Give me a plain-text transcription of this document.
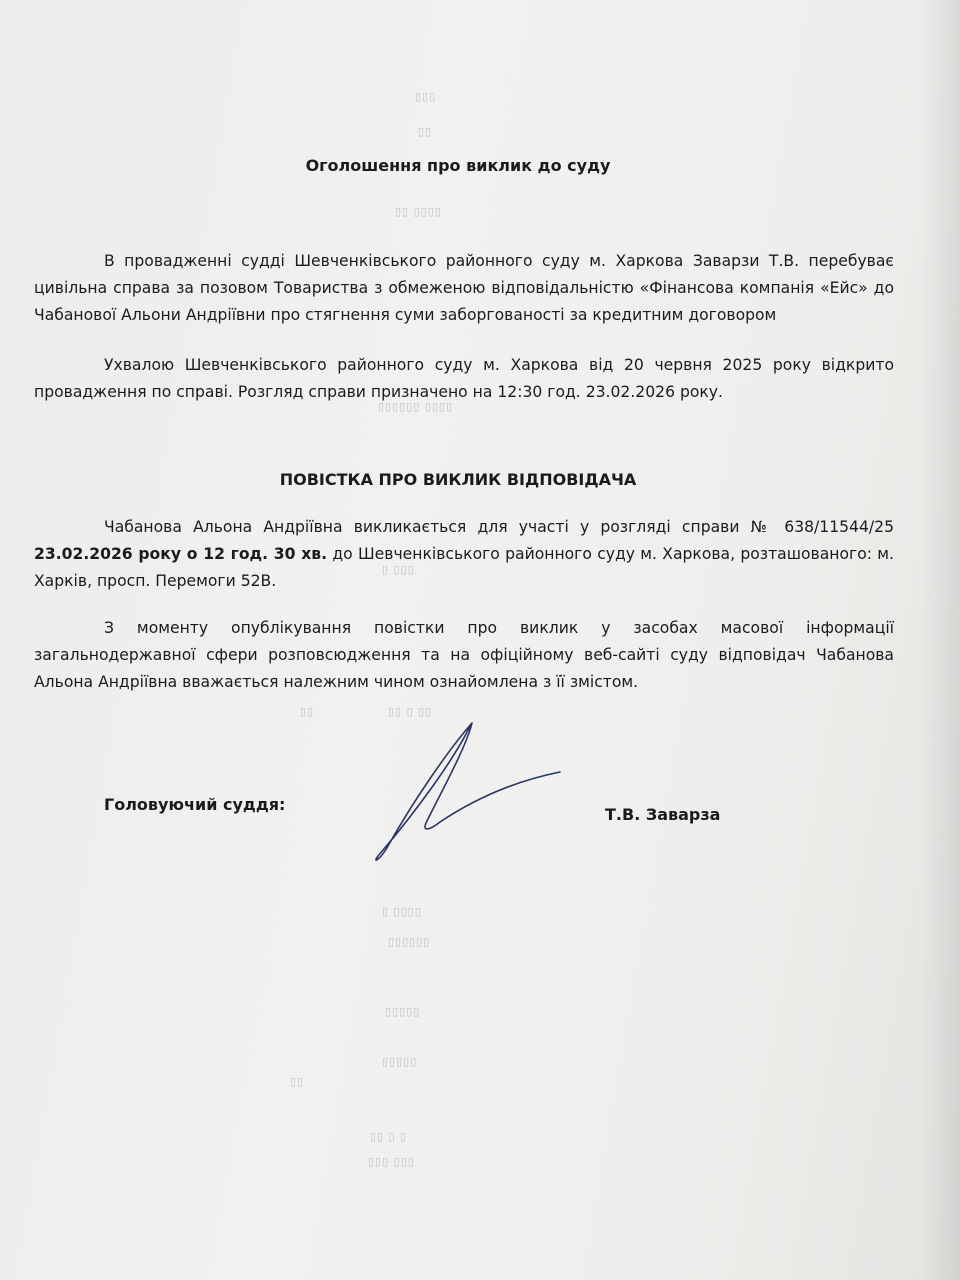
▯▯▯
▯▯
▯▯ ▯▯▯▯
▯▯▯▯▯▯ ▯▯▯▯
▯ ▯▯▯
▯▯	▯▯ ▯ ▯▯
▯ ▯▯▯▯
▯▯▯▯▯▯
▯▯▯▯▯
▯▯▯▯▯
▯▯
▯▯ ▯ ▯
▯▯▯ ▯▯▯
Оголошення про виклик до суду
В провадженні судді Шевченківського районного суду м. Харкова Заварзи Т.В. перебуває цивільна справа за позовом Товариства з обмеженою відповідальністю «Фінансова компанія «Ейс» до Чабанової Альони Андріївни про стягнення суми заборгованості за кредитним договором
Ухвалою Шевченківського районного суду м. Харкова від 20 червня 2025 року відкрито провадження по справі. Розгляд справи призначено на 12:30 год. 23.02.2026 року.
ПОВІСТКА ПРО ВИКЛИК ВІДПОВІДАЧА
Чабанова Альона Андріївна викликається для участі у розгляді справи № 638/11544/25 23.02.2026 року о 12 год. 30 хв. до Шевченківського районного суду м. Харкова, розташованого: м. Харків, просп. Перемоги 52В.
З моменту опублікування повістки про виклик у засобах масової інформації загальнодержавної сфери розповсюдження та на офіційному веб-сайті суду відповідач Чабанова Альона Андріївна вважається належним чином ознайомлена з її змістом.
Головуючий суддя:
Т.В. Заварза
